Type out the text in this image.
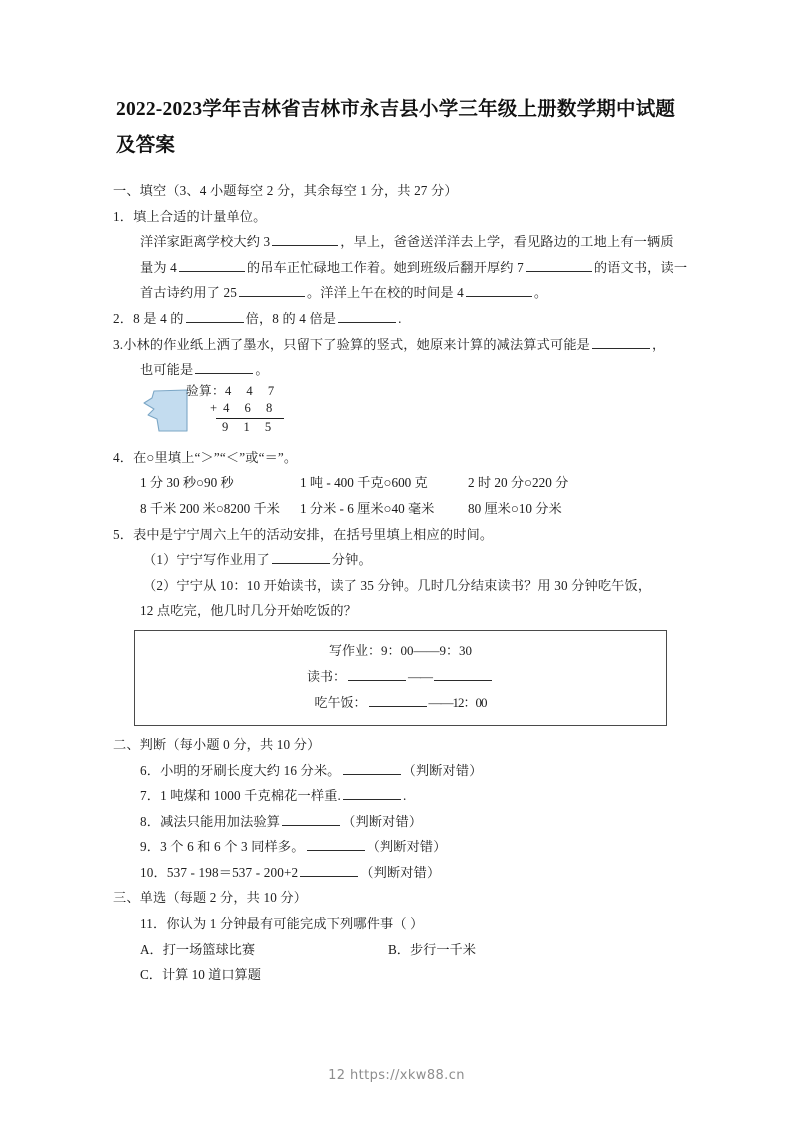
2022-2023学年吉林省吉林市永吉县小学三年级上册数学期中试题及答案
一、填空（3、4 小题每空 2 分，其余每空 1 分，共 27 分）
1．填上合适的计量单位。
洋洋家距离学校大约 3	，早上，爸爸送洋洋去上学，看见路边的工地上有一辆质
量为 4	的吊车正忙碌地工作着。她到班级后翻开厚约 7	的语文书，读一
首古诗约用了 25	。洋洋上午在校的时间是 4	。
2．8 是 4 的	倍，8 的 4 倍是	.
3.小林的作业纸上洒了墨水，只留下了验算的竖式，她原来计算的减法算式可能是	，
也可能是	。
验算：4 4 7
+4 6 8
9 1 5
4．在○里填上“＞”“＜”或“＝”。
1 分 30 秒○90 秒	1 吨 - 400 千克○600 克	2 时 20 分○220 分
8 千米 200 米○8200 千米	1 分米 - 6 厘米○40 毫米	80 厘米○10 分米
5．表中是宁宁周六上午的活动安排，在括号里填上相应的时间。
（1）宁宁写作业用了	分钟。
（2）宁宁从 10：10 开始读书，读了 35 分钟。几时几分结束读书？用 30 分钟吃午饭，
12 点吃完，他几时几分开始吃饭的？
写作业：9：00——9：30
读书：	——
吃午饭：	——12：00
二、判断（每小题 0 分，共 10 分）
6．小明的牙刷长度大约 16 分米。	（判断对错）
7．1 吨煤和 1000 千克棉花一样重.	.
8．减法只能用加法验算	（判断对错）
9．3 个 6 和 6 个 3 同样多。	（判断对错）
10．537 - 198＝537 - 200+2	（判断对错）
三、单选（每题 2 分，共 10 分）
11．你认为 1 分钟最有可能完成下列哪件事（ ）
A．打一场篮球比赛	B．步行一千米
C．计算 10 道口算题
12 https://xkw88.cn
